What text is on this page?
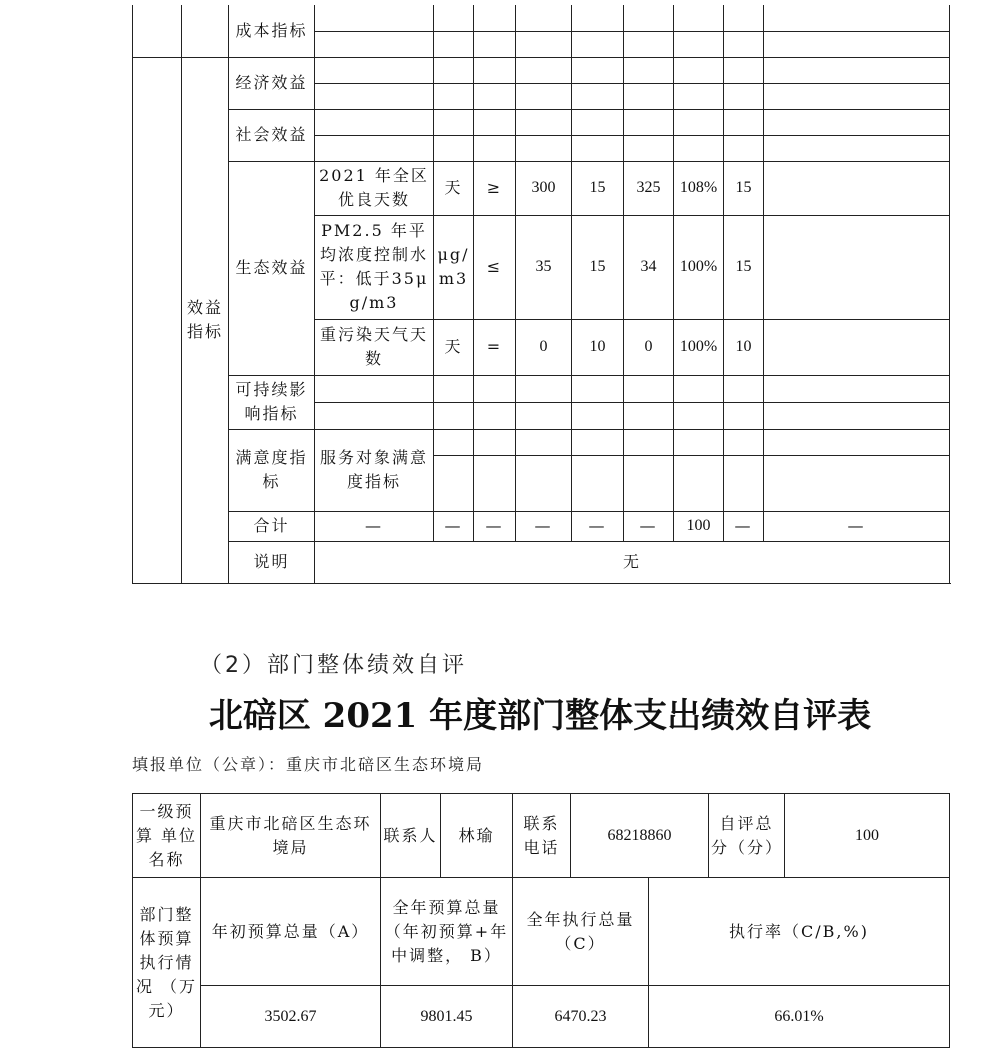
		成本指标										

	效益指标	经济效益										

		社会效益										

		生态效益	2021 年全区优良天数	天	≥	300	15	325	108%	15		

			PM2.5 年平均浓度控制水平：低于35μg/m3	μg/ m3	≤	35	15	34	100%	15		

			重污染天气天数	天	=	0	10	0	100%	10		

		可持续影响指标										

		满意度指标	服务对象满意度指标									

		合计	—	—	—	—	—	—	100	—	—		
		说明	无									
（2）部门整体绩效自评
北碚区 2021 年度部门整体支出绩效自评表
填报单位（公章）：重庆市北碚区生态环境局
一级预算 单位名称	重庆市北碚区生态环境局	联系人	林瑜	联系电话	68218860		自评总分（分）	100

部门整体预算执行情况 （万元）	年初预算总量（A）	全年预算总量 （年初预算+年中调整， B）		全年执行总量 （C）		执行率（C/B,%)		
	3502.67	9801.45		6470.23		66.01%		
